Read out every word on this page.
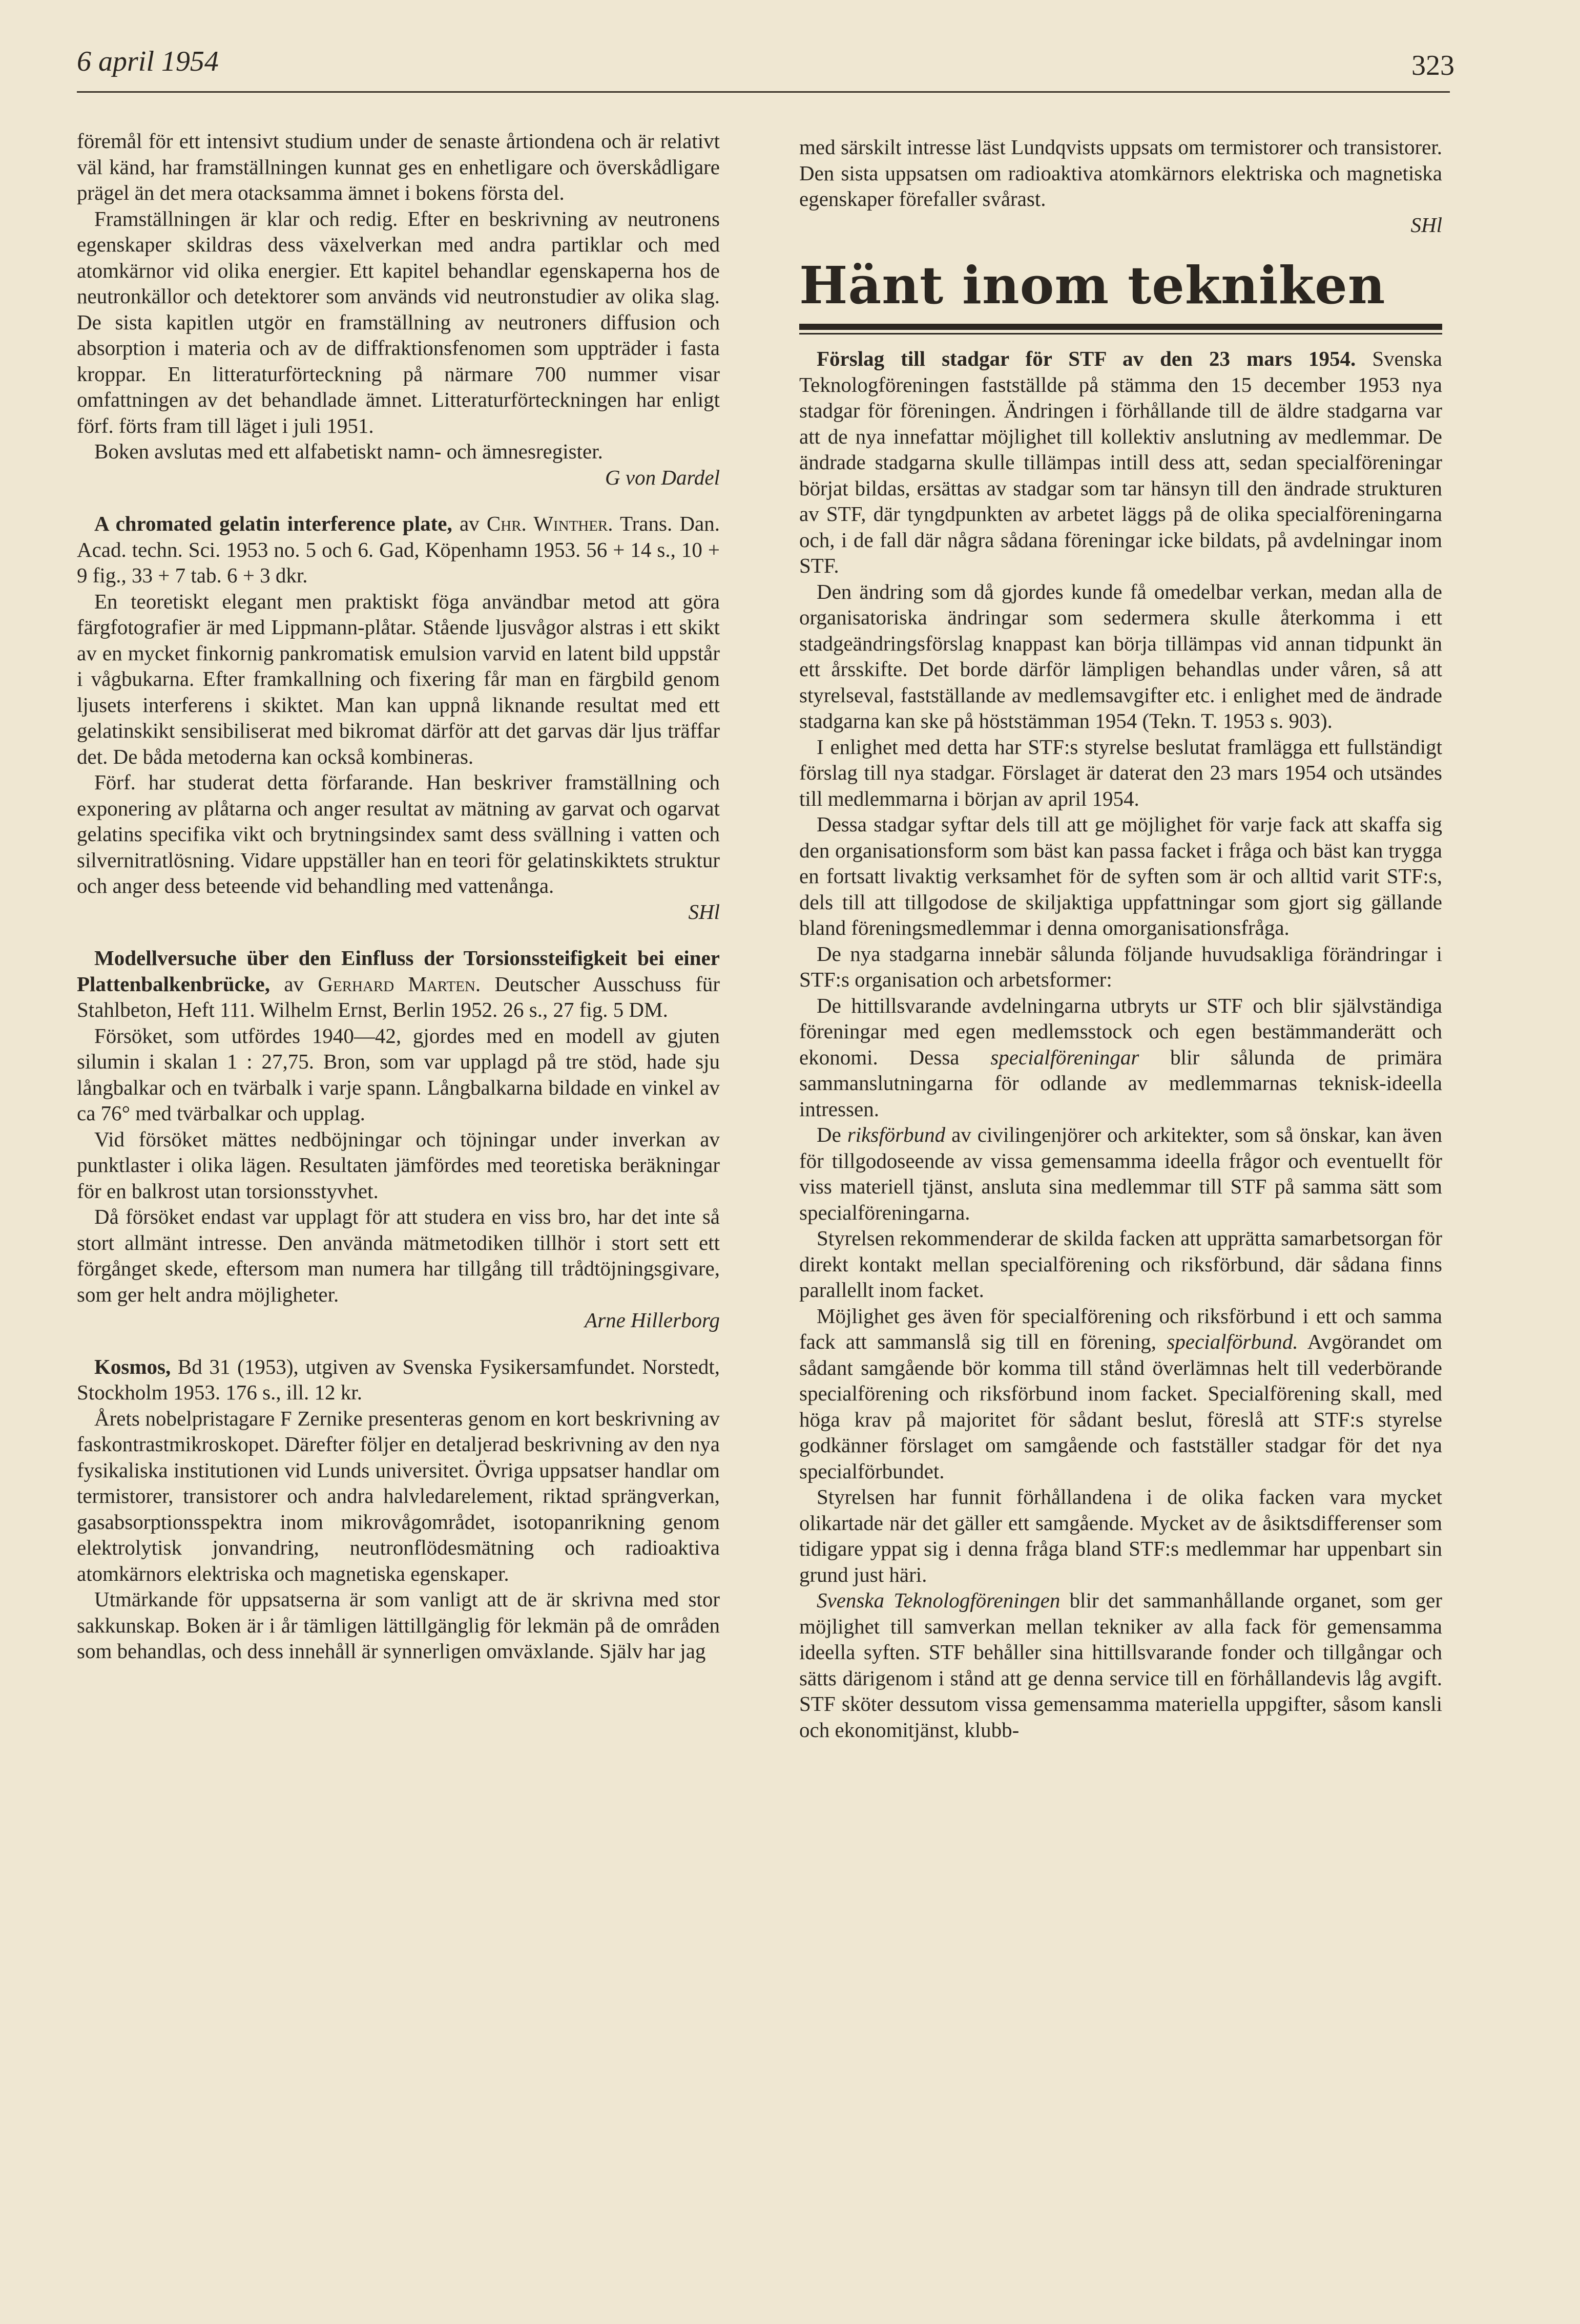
6 april 1954	323

föremål för ett intensivt studium under de senaste årtiondena och är relativt väl känd, har framställningen kunnat ges en enhetligare och överskådligare prägel än det mera otacksamma ämnet i bokens första del.

Framställningen är klar och redig. Efter en beskrivning av neutronens egenskaper skildras dess växelverkan med andra partiklar och med atomkärnor vid olika energier. Ett kapitel behandlar egenskaperna hos de neutronkällor och detektorer som används vid neutronstudier av olika slag. De sista kapitlen utgör en framställning av neutroners diffusion och absorption i materia och av de diffraktionsfenomen som uppträder i fasta kroppar. En litteraturförteckning på närmare 700 nummer visar omfattningen av det behandlade ämnet. Litteraturförteckningen har enligt förf. förts fram till läget i juli 1951.

Boken avslutas med ett alfabetiskt namn- och ämnesregister.

G von Dardel

A chromated gelatin interference plate, av Chr. Winther. Trans. Dan. Acad. techn. Sci. 1953 no. 5 och 6. Gad, Köpenhamn 1953. 56 + 14 s., 10 + 9 fig., 33 + 7 tab. 6 + 3 dkr.

En teoretiskt elegant men praktiskt föga användbar metod att göra färgfotografier är med Lippmann-plåtar. Stående ljusvågor alstras i ett skikt av en mycket finkornig pankromatisk emulsion varvid en latent bild uppstår i vågbukarna. Efter framkallning och fixering får man en färgbild genom ljusets interferens i skiktet. Man kan uppnå liknande resultat med ett gelatinskikt sensibiliserat med bikromat därför att det garvas där ljus träffar det. De båda metoderna kan också kombineras.

Förf. har studerat detta förfarande. Han beskriver framställning och exponering av plåtarna och anger resultat av mätning av garvat och ogarvat gelatins specifika vikt och brytningsindex samt dess svällning i vatten och silvernitratlösning. Vidare uppställer han en teori för gelatinskiktets struktur och anger dess beteende vid behandling med vattenånga.

SHl

Modellversuche über den Einfluss der Torsionssteifigkeit bei einer Plattenbalkenbrücke, av Gerhard Marten. Deutscher Ausschuss für Stahlbeton, Heft 111. Wilhelm Ernst, Berlin 1952. 26 s., 27 fig. 5 DM.

Försöket, som utfördes 1940—42, gjordes med en modell av gjuten silumin i skalan 1 : 27,75. Bron, som var upplagd på tre stöd, hade sju långbalkar och en tvärbalk i varje spann. Långbalkarna bildade en vinkel av ca 76° med tvärbalkar och upplag.

Vid försöket mättes nedböjningar och töjningar under inverkan av punktlaster i olika lägen. Resultaten jämfördes med teoretiska beräkningar för en balkrost utan torsionsstyvhet.

Då försöket endast var upplagt för att studera en viss bro, har det inte så stort allmänt intresse. Den använda mätmetodiken tillhör i stort sett ett förgånget skede, eftersom man numera har tillgång till trådtöjningsgivare, som ger helt andra möjligheter.

Arne Hillerborg

Kosmos, Bd 31 (1953), utgiven av Svenska Fysikersamfundet. Norstedt, Stockholm 1953. 176 s., ill. 12 kr.

Årets nobelpristagare F Zernike presenteras genom en kort beskrivning av faskontrastmikroskopet. Därefter följer en detaljerad beskrivning av den nya fysikaliska institutionen vid Lunds universitet. Övriga uppsatser handlar om termistorer, transistorer och andra halvledarelement, riktad sprängverkan, gasabsorptionsspektra inom mikrovågområdet, isotopanrikning genom elektrolytisk jonvandring, neutronflödesmätning och radioaktiva atomkärnors elektriska och magnetiska egenskaper.

Utmärkande för uppsatserna är som vanligt att de är skrivna med stor sakkunskap. Boken är i år tämligen lättillgänglig för lekmän på de områden som behandlas, och dess innehåll är synnerligen omväxlande. Själv har jag

med särskilt intresse läst Lundqvists uppsats om termistorer och transistorer. Den sista uppsatsen om radioaktiva atomkärnors elektriska och magnetiska egenskaper förefaller svårast.

SHl

Hänt inom tekniken

Förslag till stadgar för STF av den 23 mars 1954. Svenska Teknologföreningen fastställde på stämma den 15 december 1953 nya stadgar för föreningen. Ändringen i förhållande till de äldre stadgarna var att de nya innefattar möjlighet till kollektiv anslutning av medlemmar. De ändrade stadgarna skulle tillämpas intill dess att, sedan specialföreningar börjat bildas, ersättas av stadgar som tar hänsyn till den ändrade strukturen av STF, där tyngdpunkten av arbetet läggs på de olika specialföreningarna och, i de fall där några sådana föreningar icke bildats, på avdelningar inom STF.

Den ändring som då gjordes kunde få omedelbar verkan, medan alla de organisatoriska ändringar som sedermera skulle återkomma i ett stadgeändringsförslag knappast kan börja tillämpas vid annan tidpunkt än ett årsskifte. Det borde därför lämpligen behandlas under våren, så att styrelseval, fastställande av medlemsavgifter etc. i enlighet med de ändrade stadgarna kan ske på höststämman 1954 (Tekn. T. 1953 s. 903).

I enlighet med detta har STF:s styrelse beslutat framlägga ett fullständigt förslag till nya stadgar. Förslaget är daterat den 23 mars 1954 och utsändes till medlemmarna i början av april 1954.

Dessa stadgar syftar dels till att ge möjlighet för varje fack att skaffa sig den organisationsform som bäst kan passa facket i fråga och bäst kan trygga en fortsatt livaktig verksamhet för de syften som är och alltid varit STF:s, dels till att tillgodose de skiljaktiga uppfattningar som gjort sig gällande bland föreningsmedlemmar i denna omorganisationsfråga.

De nya stadgarna innebär sålunda följande huvudsakliga förändringar i STF:s organisation och arbetsformer:

De hittillsvarande avdelningarna utbryts ur STF och blir självständiga föreningar med egen medlemsstock och egen bestämmanderätt och ekonomi. Dessa specialföreningar blir sålunda de primära sammanslutningarna för odlande av medlemmarnas teknisk-ideella intressen.

De riksförbund av civilingenjörer och arkitekter, som så önskar, kan även för tillgodoseende av vissa gemensamma ideella frågor och eventuellt för viss materiell tjänst, ansluta sina medlemmar till STF på samma sätt som specialföreningarna.

Styrelsen rekommenderar de skilda facken att upprätta samarbetsorgan för direkt kontakt mellan specialförening och riksförbund, där sådana finns parallellt inom facket.

Möjlighet ges även för specialförening och riksförbund i ett och samma fack att sammanslå sig till en förening, specialförbund. Avgörandet om sådant samgående bör komma till stånd överlämnas helt till vederbörande specialförening och riksförbund inom facket. Specialförening skall, med höga krav på majoritet för sådant beslut, föreslå att STF:s styrelse godkänner förslaget om samgående och fastställer stadgar för det nya specialförbundet.

Styrelsen har funnit förhållandena i de olika facken vara mycket olikartade när det gäller ett samgående. Mycket av de åsiktsdifferenser som tidigare yppat sig i denna fråga bland STF:s medlemmar har uppenbart sin grund just häri.

Svenska Teknologföreningen blir det sammanhållande organet, som ger möjlighet till samverkan mellan tekniker av alla fack för gemensamma ideella syften. STF behåller sina hittillsvarande fonder och tillgångar och sätts därigenom i stånd att ge denna service till en förhållandevis låg avgift. STF sköter dessutom vissa gemensamma materiella uppgifter, såsom kansli och ekonomitjänst, klubb-
